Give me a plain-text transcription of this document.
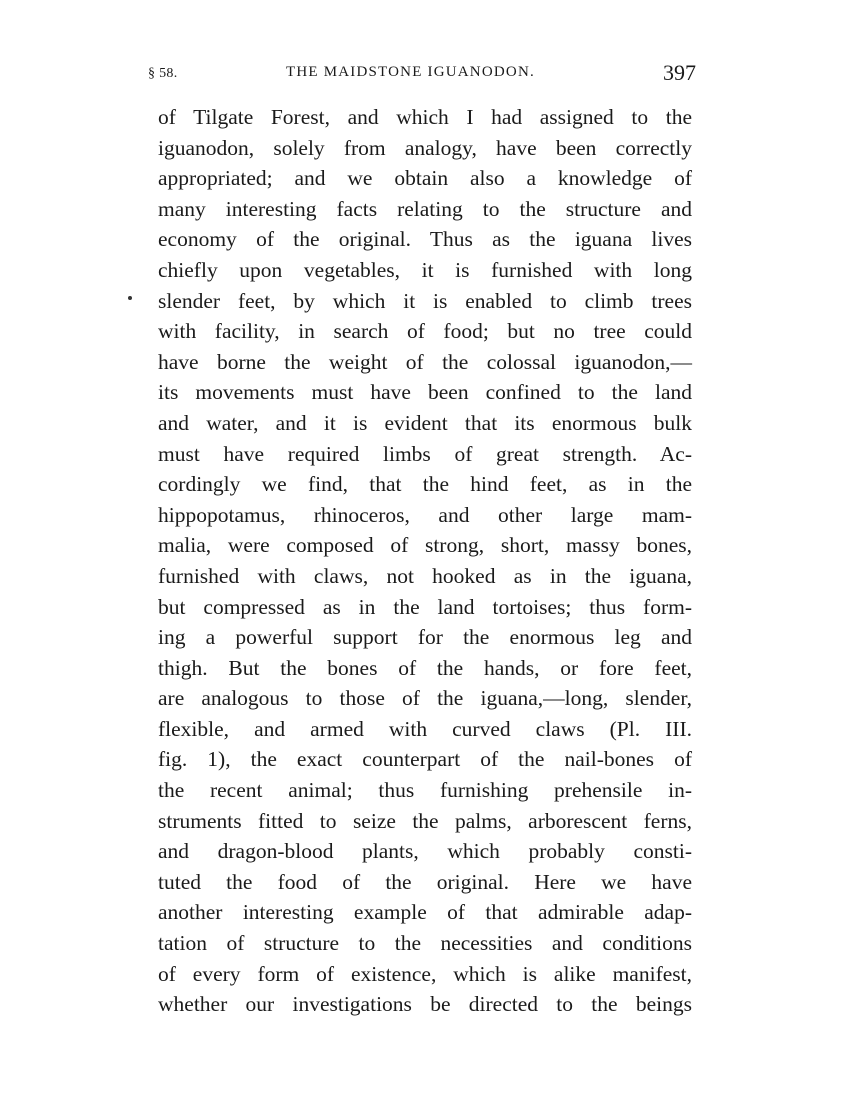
§ 58.	THE MAIDSTONE IGUANODON.	397
of Tilgate Forest, and which I had assigned to the
iguanodon, solely from analogy, have been correctly
appropriated; and we obtain also a knowledge of
many interesting facts relating to the structure and
economy of the original. Thus as the iguana lives
chiefly upon vegetables, it is furnished with long
slender feet, by which it is enabled to climb trees
with facility, in search of food; but no tree could
have borne the weight of the colossal iguanodon,—
its movements must have been confined to the land
and water, and it is evident that its enormous bulk
must have required limbs of great strength. Ac-
cordingly we find, that the hind feet, as in the
hippopotamus, rhinoceros, and other large mam-
malia, were composed of strong, short, massy bones,
furnished with claws, not hooked as in the iguana,
but compressed as in the land tortoises; thus form-
ing a powerful support for the enormous leg and
thigh. But the bones of the hands, or fore feet,
are analogous to those of the iguana,—long, slender,
flexible, and armed with curved claws (Pl. III.
fig. 1), the exact counterpart of the nail-bones of
the recent animal; thus furnishing prehensile in-
struments fitted to seize the palms, arborescent ferns,
and dragon-blood plants, which probably consti-
tuted the food of the original. Here we have
another interesting example of that admirable adap-
tation of structure to the necessities and conditions
of every form of existence, which is alike manifest,
whether our investigations be directed to the beings
